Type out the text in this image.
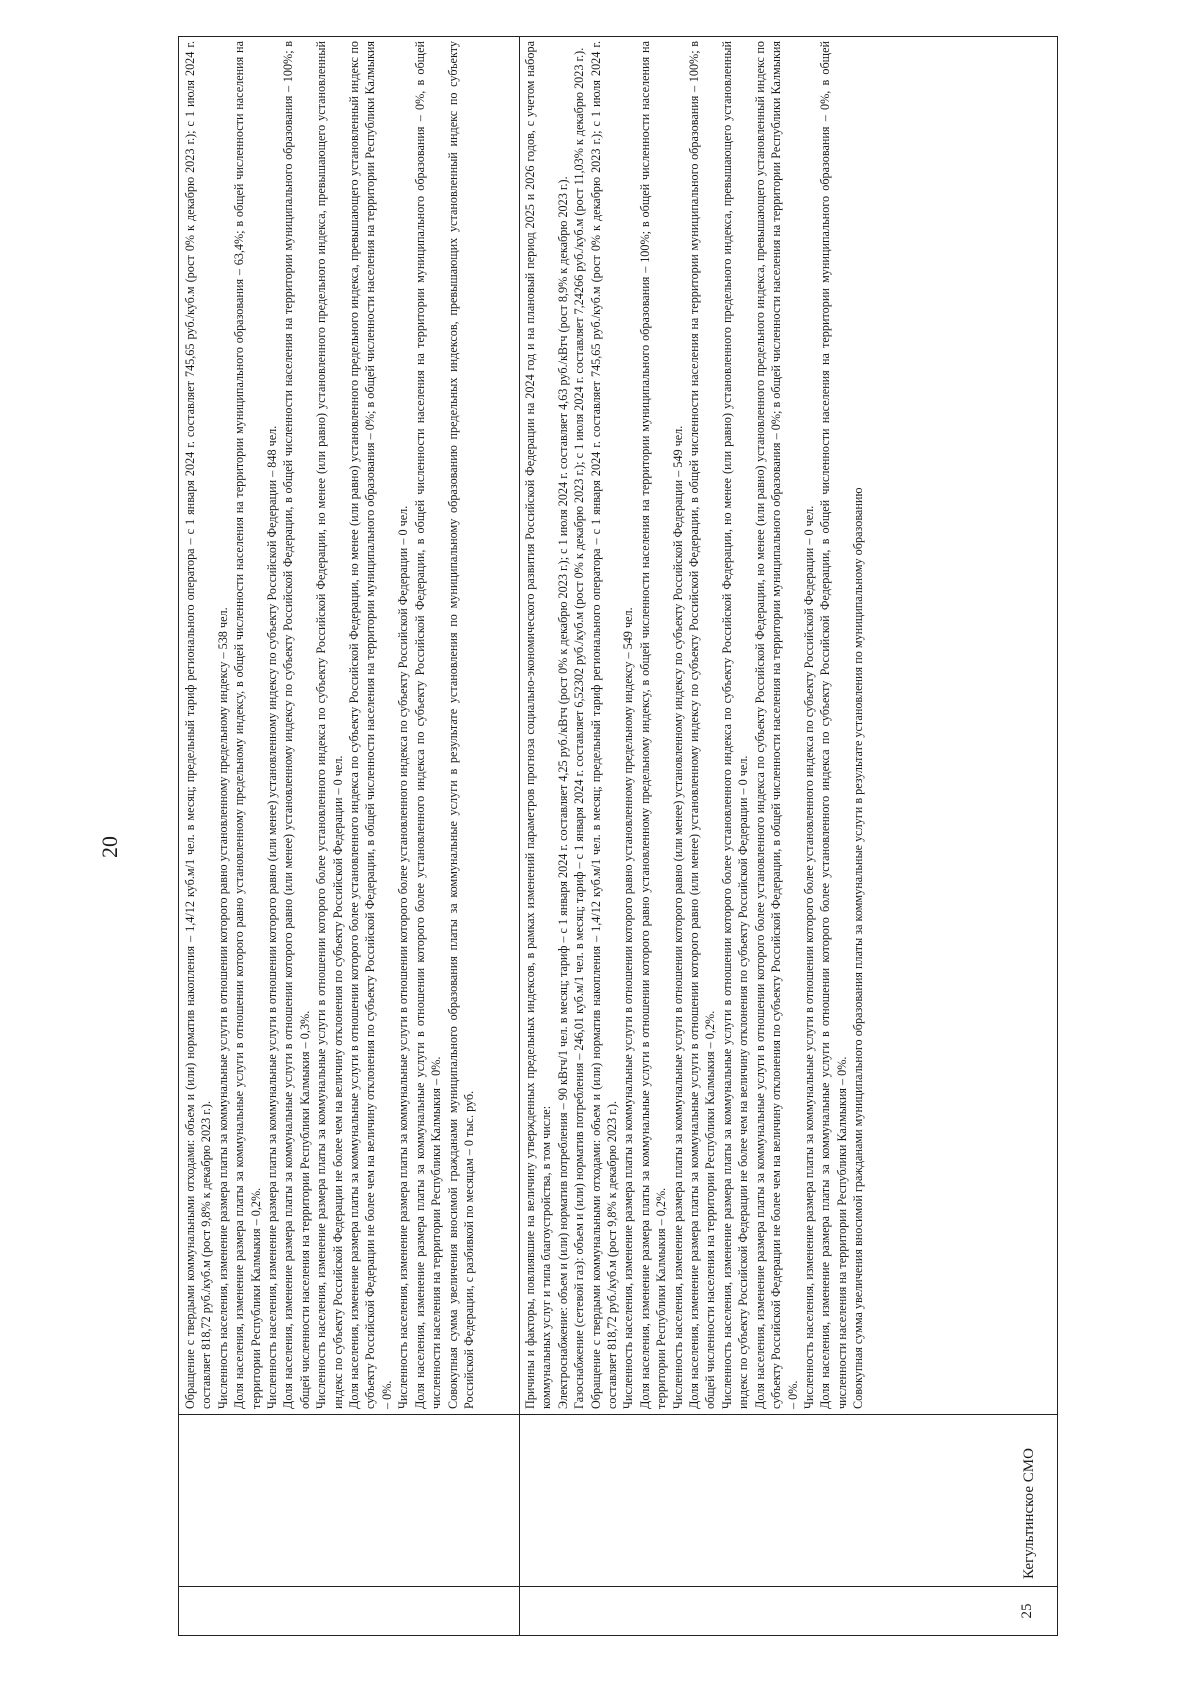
20	Обращение с твердыми коммунальными отходами: объем и (или) норматив накопления – 1,4/12 куб.м/1 чел. в месяц; предельный тариф регионального оператора – с 1 января 2024 г. составляет 745,65 руб./куб.м (рост 0% к декабрю 2023 г.); с 1 июля 2024 г. составляет 818,72 руб./куб.м (рост 9,8% к декабрю 2023 г.). Численность населения, изменение размера платы за коммунальные услуги в отношении которого равно установленному предельному индексу – 538 чел. Доля населения, изменение размера платы за коммунальные услуги в отношении которого равно установленному предельному индексу, в общей численности населения на территории муниципального образования – 63,4%; в общей численности населения на территории Республики Калмыкия – 0,2%. Численность населения, изменение размера платы за коммунальные услуги в отношении которого равно (или менее) установленному индексу по субъекту Российской Федерации – 848 чел. Доля населения, изменение размера платы за коммунальные услуги в отношении которого равно (или менее) установленному индексу по субъекту Российской Федерации, в общей численности населения на территории муниципального образования – 100%; в общей численности населения на территории Республики Калмыкия – 0,3%. Численность населения, изменение размера платы за коммунальные услуги в отношении которого более установленного индекса по субъекту Российской Федерации, но менее (или равно) установленного предельного индекса, превышающего установленный индекс по субъекту Российской Федерации не более чем на величину отклонения по субъекту Российской Федерации – 0 чел. Доля населения, изменение размера платы за коммунальные услуги в отношении которого более установленного индекса по субъекту Российской Федерации, но менее (или равно) установленного предельного индекса, превышающего установленный индекс по субъекту Российской Федерации не более чем на величину отклонения по субъекту Российской Федерации, в общей численности населения на территории муниципального образования – 0%; в общей численности населения на территории Республики Калмыкия – 0%. Численность населения, изменение размера платы за коммунальные услуги в отношении которого более установленного индекса по субъекту Российской Федерации – 0 чел. Доля населения, изменение размера платы за коммунальные услуги в отношении которого более установленного индекса по субъекту Российской Федерации, в общей численности населения на территории муниципального образования – 0%, в общей численности населения на территории Республики Калмыкия – 0%. Совокупная сумма увеличения вносимой гражданами муниципального образования платы за коммунальные услуги в результате установления по муниципальному образованию предельных индексов, превышающих установленный индекс по субъекту Российской Федерации, с разбивкой по месяцам – 0 тыс. руб.

25
Кегультинское СМО

Причины и факторы, повлиявшие на величину утвержденных предельных индексов, в рамках изменений параметров прогноза социально-экономического развития Российской Федерации на 2024 год и на плановый период 2025 и 2026 годов, с учетом набора коммунальных услуг и типа благоустройства, в том числе: Электроснабжение: объем и (или) норматив потребления – 90 кВтч/1 чел. в месяц; тариф – с 1 января 2024 г. составляет 4,25 руб./кВтч (рост 0% к декабрю 2023 г.); с 1 июля 2024 г. составляет 4,63 руб./кВтч (рост 8,9% к декабрю 2023 г.). Газоснабжение (сетевой газ): объем и (или) норматив потребления – 246,01 куб.м/1 чел. в месяц; тариф – с 1 января 2024 г. составляет 6,52302 руб./куб.м (рост 0% к декабрю 2023 г.); с 1 июля 2024 г. составляет 7,24266 руб./куб.м (рост 11,03% к декабрю 2023 г.). Обращение с твердыми коммунальными отходами: объем и (или) норматив накопления – 1,4/12 куб.м/1 чел. в месяц; предельный тариф регионального оператора – с 1 января 2024 г. составляет 745,65 руб./куб.м (рост 0% к декабрю 2023 г.); с 1 июля 2024 г. составляет 818,72 руб./куб.м (рост 9,8% к декабрю 2023 г.). Численность населения, изменение размера платы за коммунальные услуги в отношении которого равно установленному предельному индексу – 549 чел. Доля населения, изменение размера платы за коммунальные услуги в отношении которого равно установленному предельному индексу, в общей численности населения на территории муниципального образования – 100%; в общей численности населения на территории Республики Калмыкия – 0,2%. Численность населения, изменение размера платы за коммунальные услуги в отношении которого равно (или менее) установленному индексу по субъекту Российской Федерации – 549 чел. Доля населения, изменение размера платы за коммунальные услуги в отношении которого равно (или менее) установленному индексу по субъекту Российской Федерации, в общей численности населения на территории муниципального образования – 100%; в общей численности населения на территории Республики Калмыкия – 0,2%. Численность населения, изменение размера платы за коммунальные услуги в отношении которого более установленного индекса по субъекту Российской Федерации, но менее (или равно) установленного предельного индекса, превышающего установленный индекс по субъекту Российской Федерации не более чем на величину отклонения по субъекту Российской Федерации – 0 чел. Доля населения, изменение размера платы за коммунальные услуги в отношении которого более установленного индекса по субъекту Российской Федерации, но менее (или равно) установленного предельного индекса, превышающего установленный индекс по субъекту Российской Федерации не более чем на величину отклонения по субъекту Российской Федерации, в общей численности населения на территории муниципального образования – 0%; в общей численности населения на территории Республики Калмыкия – 0%. Численность населения, изменение размера платы за коммунальные услуги в отношении которого более установленного индекса по субъекту Российской Федерации – 0 чел. Доля населения, изменение размера платы за коммунальные услуги в отношении которого более установленного индекса по субъекту Российской Федерации, в общей численности населения на территории муниципального образования – 0%, в общей численности населения на территории Республики Калмыкия – 0%. Совокупная сумма увеличения вносимой гражданами муниципального образования платы за коммунальные услуги в результате установления по муниципальному образованию
